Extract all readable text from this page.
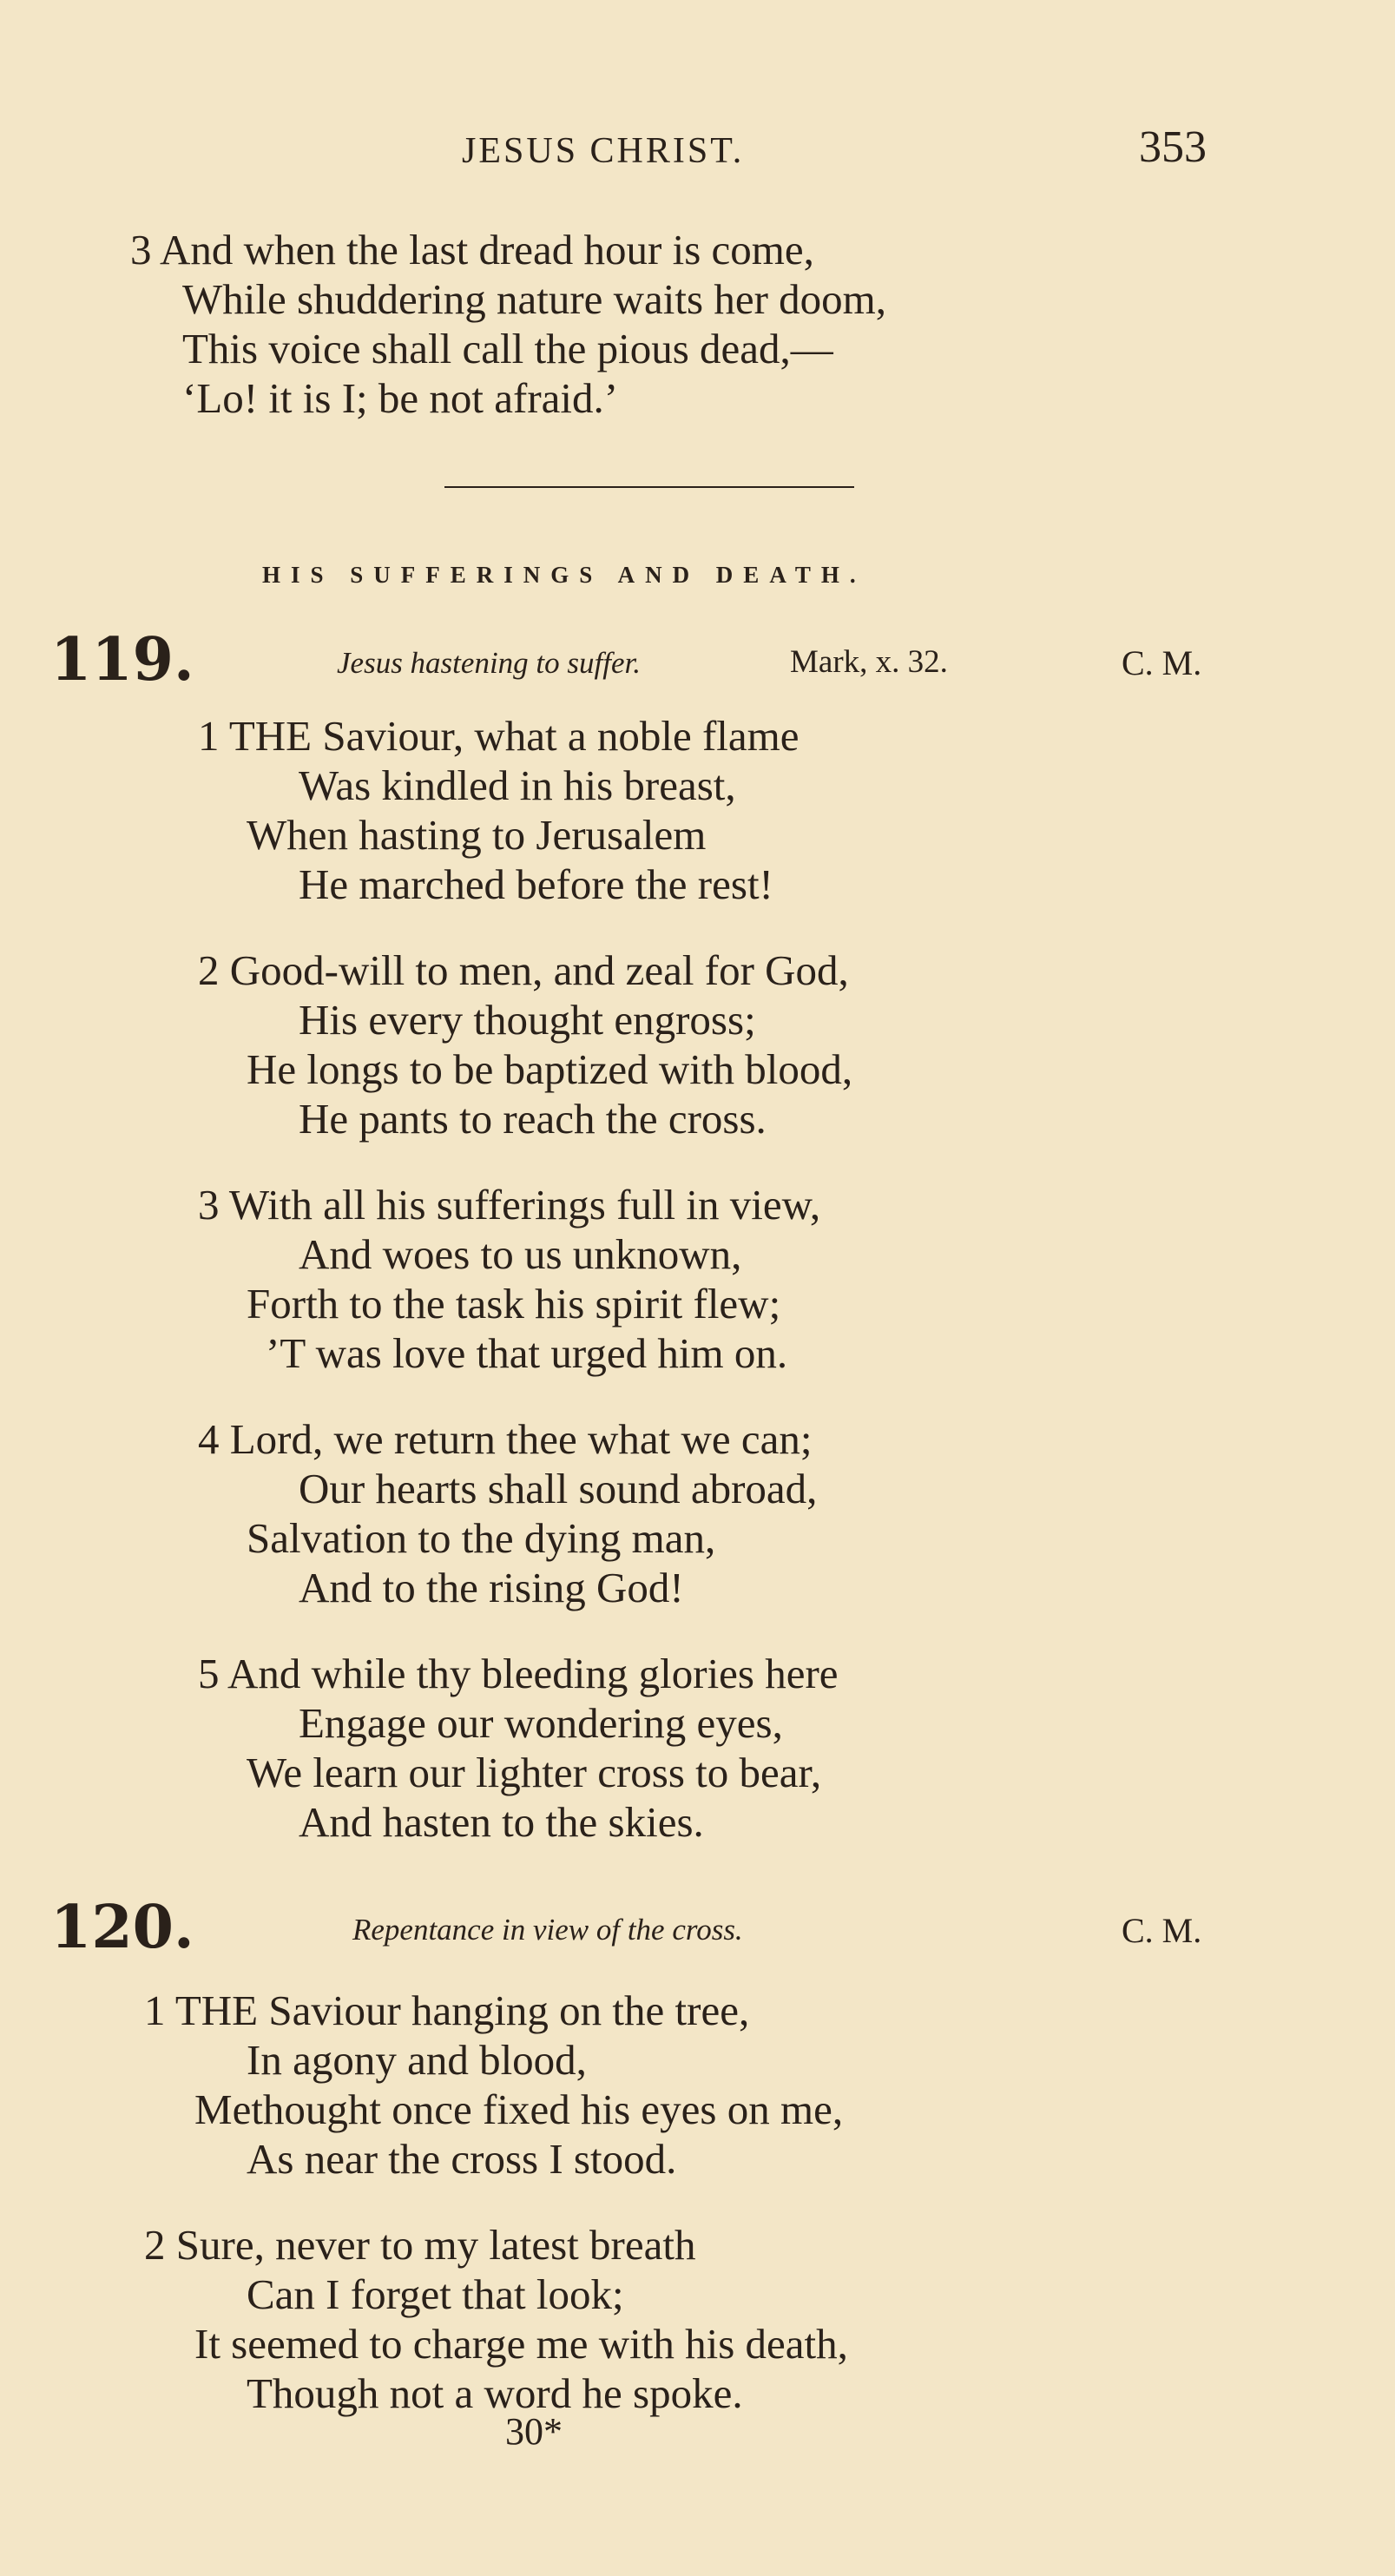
JESUS CHRIST.	353
3 And when the last dread hour is come,
While shuddering nature waits her doom,
This voice shall call the pious dead,—
‘Lo! it is I; be not afraid.’
HIS SUFFERINGS AND DEATH.
119.	Jesus hastening to suffer.	Mark, x. 32.	C. M.
1 THE Saviour, what a noble flame
Was kindled in his breast,
When hasting to Jerusalem
He marched before the rest!
2 Good-will to men, and zeal for God,
His every thought engross;
He longs to be baptized with blood,
He pants to reach the cross.
3 With all his sufferings full in view,
And woes to us unknown,
Forth to the task his spirit flew;
’T was love that urged him on.
4 Lord, we return thee what we can;
Our hearts shall sound abroad,
Salvation to the dying man,
And to the rising God!
5 And while thy bleeding glories here
Engage our wondering eyes,
We learn our lighter cross to bear,
And hasten to the skies.
120.	Repentance in view of the cross.	C. M.
1 THE Saviour hanging on the tree,
In agony and blood,
Methought once fixed his eyes on me,
As near the cross I stood.
2 Sure, never to my latest breath
Can I forget that look;
It seemed to charge me with his death,
Though not a word he spoke.
30*
